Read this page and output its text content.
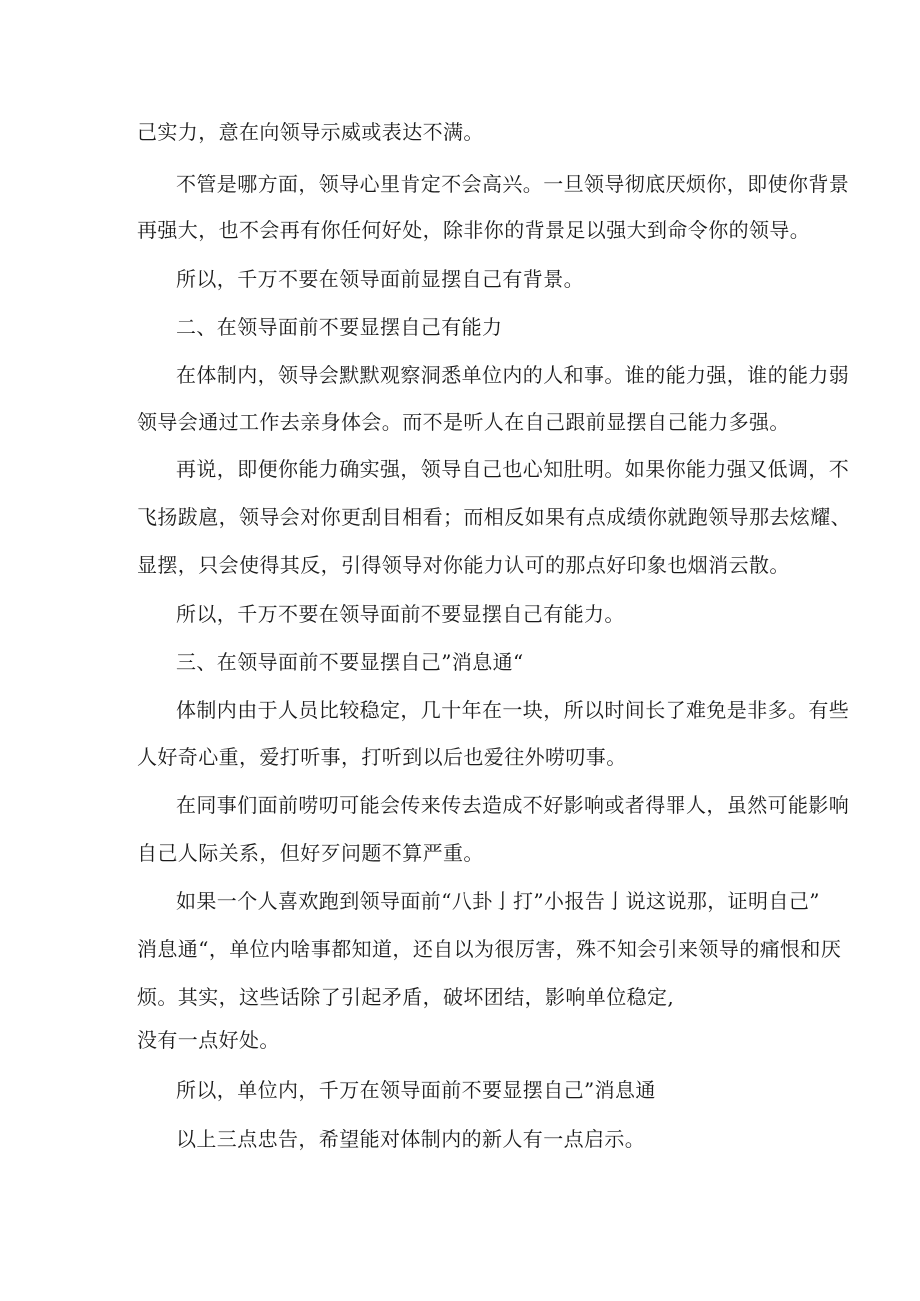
己实力，意在向领导示威或表达不满。
不管是哪方面，领导心里肯定不会高兴。一旦领导彻底厌烦你，即使你背景
再强大，也不会再有你任何好处，除非你的背景足以强大到命令你的领导。
所以，千万不要在领导面前显摆自己有背景。
二、在领导面前不要显摆自己有能力
在体制内，领导会默默观察洞悉单位内的人和事。谁的能力强，谁的能力弱
领导会通过工作去亲身体会。而不是听人在自己跟前显摆自己能力多强。
再说，即便你能力确实强，领导自己也心知肚明。如果你能力强又低调，不
飞扬跋扈，领导会对你更刮目相看；而相反如果有点成绩你就跑领导那去炫耀、
显摆，只会使得其反，引得领导对你能力认可的那点好印象也烟消云散。
所以，千万不要在领导面前不要显摆自己有能力。
三、在领导面前不要显摆自己”消息通“
体制内由于人员比较稳定，几十年在一块，所以时间长了难免是非多。有些
人好奇心重，爱打听事，打听到以后也爱往外唠叨事。
在同事们面前唠叨可能会传来传去造成不好影响或者得罪人，虽然可能影响
自己人际关系，但好歹问题不算严重。
如果一个人喜欢跑到领导面前“八卦亅打”小报告亅说这说那，证明自己”
消息通“，单位内啥事都知道，还自以为很厉害，殊不知会引来领导的痛恨和厌
烦。其实，这些话除了引起矛盾，破坏团结，影响单位稳定,
没有一点好处。
所以，单位内，千万在领导面前不要显摆自己”消息通
以上三点忠告，希望能对体制内的新人有一点启示。
